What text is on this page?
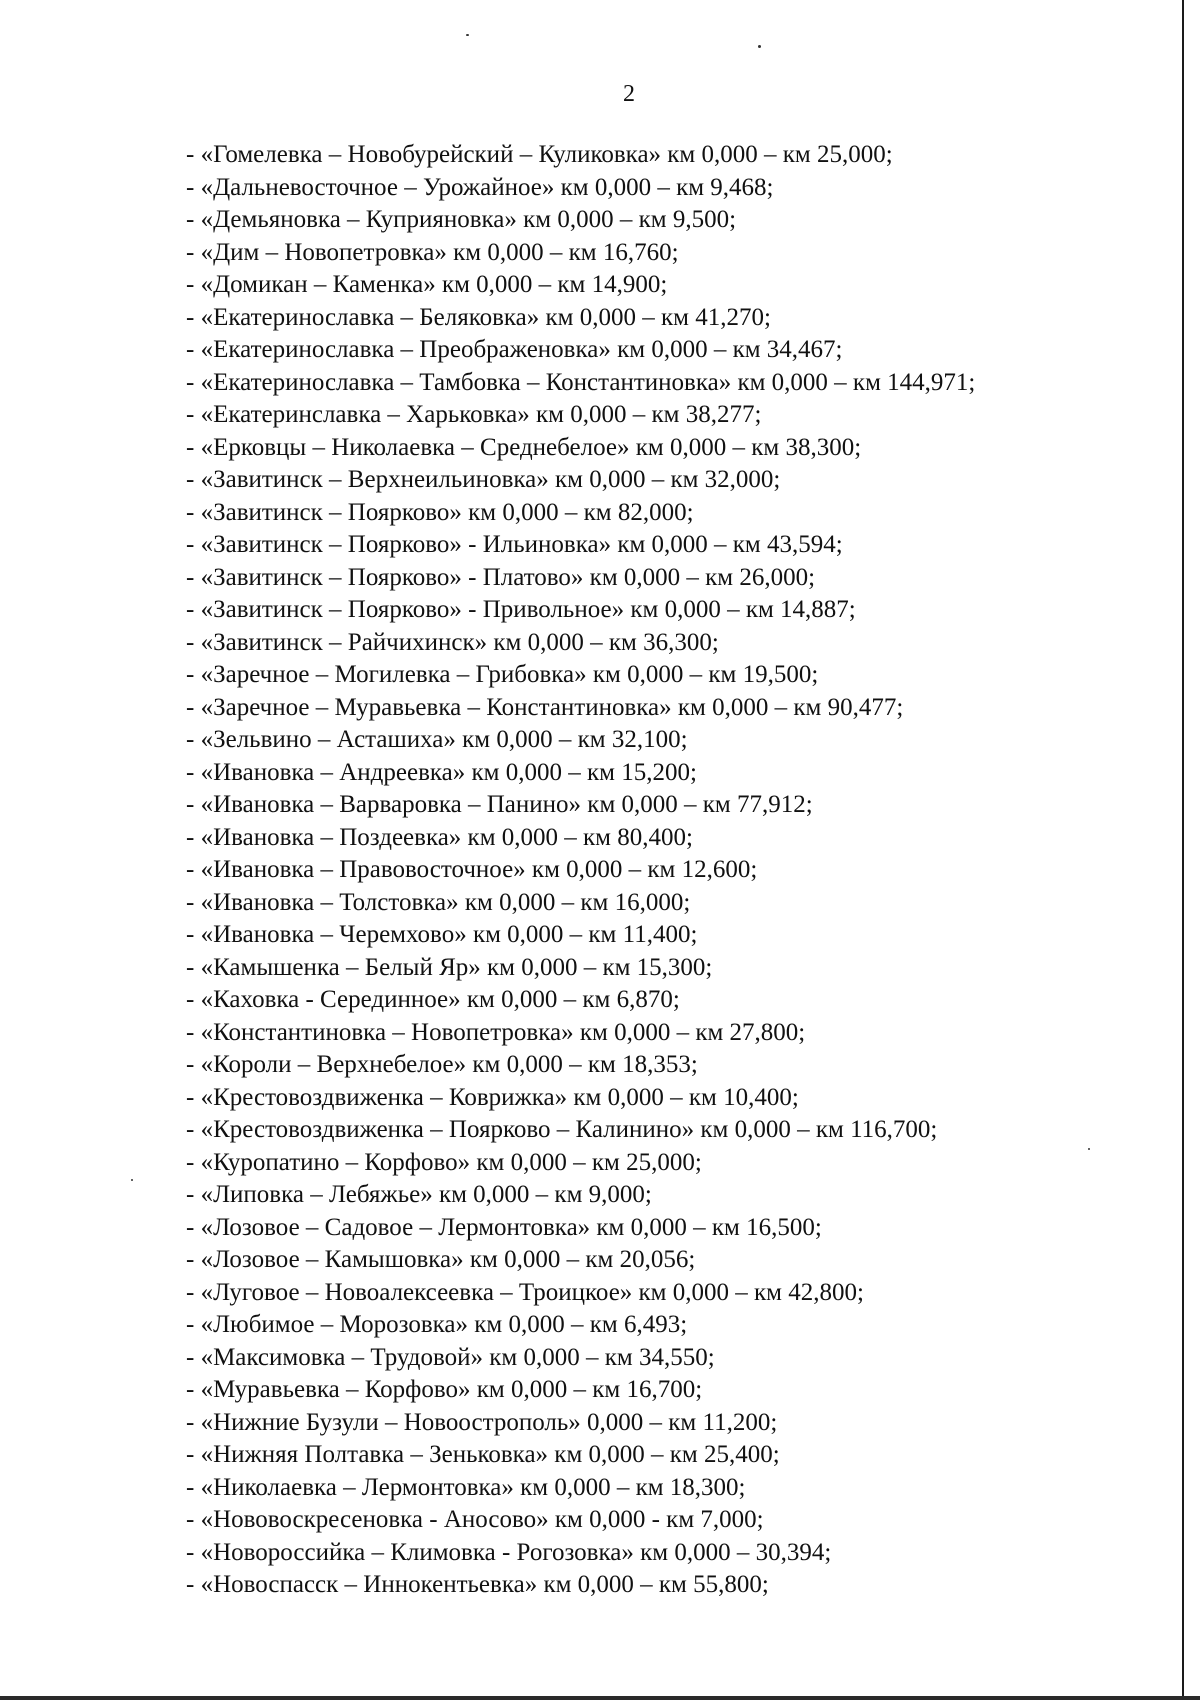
2
- «Гомелевка – Новобурейский – Куликовка» км 0,000 – км 25,000;
- «Дальневосточное – Урожайное» км 0,000 – км 9,468;
- «Демьяновка – Куприяновка» км 0,000 – км 9,500;
- «Дим – Новопетровка» км 0,000 – км 16,760;
- «Домикан – Каменка» км 0,000 – км 14,900;
- «Екатеринославка – Беляковка» км 0,000 – км 41,270;
- «Екатеринославка – Преображеновка» км 0,000 – км 34,467;
- «Екатеринославка – Тамбовка – Константиновка» км 0,000 – км 144,971;
- «Екатеринславка – Харьковка» км 0,000 – км 38,277;
- «Ерковцы – Николаевка – Среднебелое» км 0,000 – км 38,300;
- «Завитинск – Верхнеильиновка» км 0,000 – км 32,000;
- «Завитинск – Поярково» км 0,000 – км 82,000;
- «Завитинск – Поярково» - Ильиновка» км 0,000 – км 43,594;
- «Завитинск – Поярково» - Платово» км 0,000 – км 26,000;
- «Завитинск – Поярково» - Привольное» км 0,000 – км 14,887;
- «Завитинск – Райчихинск» км 0,000 – км 36,300;
- «Заречное – Могилевка – Грибовка» км 0,000 – км 19,500;
- «Заречное – Муравьевка – Константиновка» км 0,000 – км 90,477;
- «Зельвино – Асташиха» км 0,000 – км 32,100;
- «Ивановка – Андреевка» км 0,000 – км 15,200;
- «Ивановка – Варваровка – Панино» км 0,000 – км 77,912;
- «Ивановка – Поздеевка» км 0,000 – км 80,400;
- «Ивановка – Правовосточное» км 0,000 – км 12,600;
- «Ивановка – Толстовка» км 0,000 – км 16,000;
- «Ивановка – Черемхово» км 0,000 – км 11,400;
- «Камышенка – Белый Яр» км 0,000 – км 15,300;
- «Каховка - Серединное» км 0,000 – км 6,870;
- «Константиновка – Новопетровка» км 0,000 – км 27,800;
- «Короли – Верхнебелое» км 0,000 – км 18,353;
- «Крестовоздвиженка – Коврижка» км 0,000 – км 10,400;
- «Крестовоздвиженка – Поярково – Калинино» км 0,000 – км 116,700;
- «Куропатино – Корфово» км 0,000 – км 25,000;
- «Липовка – Лебяжье» км 0,000 – км 9,000;
- «Лозовое – Садовое – Лермонтовка» км 0,000 – км 16,500;
- «Лозовое – Камышовка» км 0,000 – км 20,056;
- «Луговое – Новоалексеевка – Троицкое» км 0,000 – км 42,800;
- «Любимое – Морозовка» км 0,000 – км 6,493;
- «Максимовка – Трудовой» км 0,000 – км 34,550;
- «Муравьевка – Корфово» км 0,000 – км 16,700;
- «Нижние Бузули – Новоострополь» 0,000 – км 11,200;
- «Нижняя Полтавка – Зеньковка» км 0,000 – км 25,400;
- «Николаевка – Лермонтовка» км 0,000 – км 18,300;
- «Нововоскресеновка - Аносово» км 0,000 - км 7,000;
- «Новороссийка – Климовка - Рогозовка» км 0,000 – 30,394;
- «Новоспасск – Иннокентьевка» км 0,000 – км 55,800;
